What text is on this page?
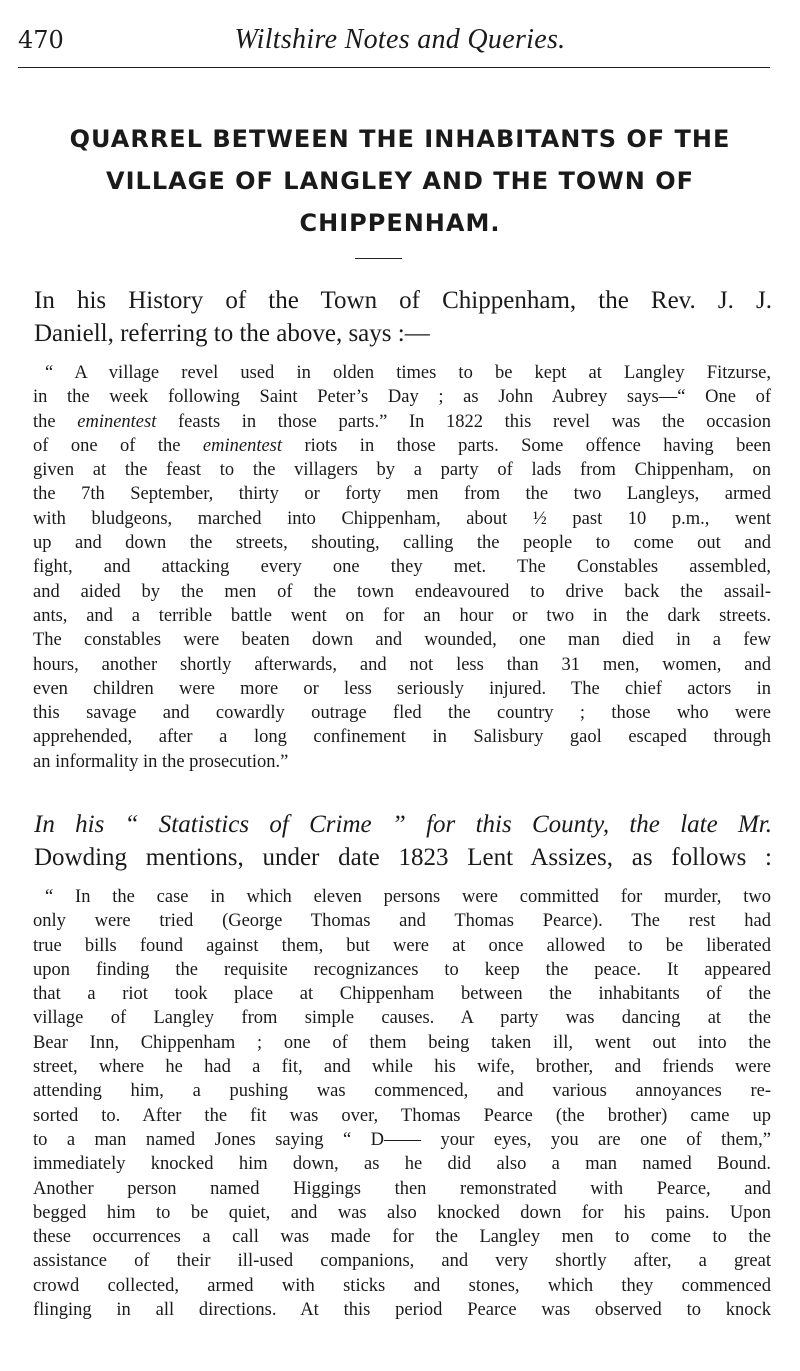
470	Wiltshire Notes and Queries.
QUARREL BETWEEN THE INHABITANTS OF THE
VILLAGE OF LANGLEY AND THE TOWN OF
CHIPPENHAM.
In his History of the Town of Chippenham, the Rev. J. J.
Daniell, referring to the above, says :—
“ A village revel used in olden times to be kept at Langley Fitzurse,
in the week following Saint Peter’s Day ; as John Aubrey says—“ One of
the eminentest feasts in those parts.” In 1822 this revel was the occasion
of one of the eminentest riots in those parts. Some offence having been
given at the feast to the villagers by a party of lads from Chippenham, on
the 7th September, thirty or forty men from the two Langleys, armed
with bludgeons, marched into Chippenham, about ½ past 10 p.m., went
up and down the streets, shouting, calling the people to come out and
fight, and attacking every one they met. The Constables assembled,
and aided by the men of the town endeavoured to drive back the assail-
ants, and a terrible battle went on for an hour or two in the dark streets.
The constables were beaten down and wounded, one man died in a few
hours, another shortly afterwards, and not less than 31 men, women, and
even children were more or less seriously injured. The chief actors in
this savage and cowardly outrage fled the country ; those who were
apprehended, after a long confinement in Salisbury gaol escaped through
an informality in the prosecution.”
In his “ Statistics of Crime ” for this County, the late Mr.
Dowding mentions, under date 1823 Lent Assizes, as follows :
“ In the case in which eleven persons were committed for murder, two
only were tried (George Thomas and Thomas Pearce). The rest had
true bills found against them, but were at once allowed to be liberated
upon finding the requisite recognizances to keep the peace. It appeared
that a riot took place at Chippenham between the inhabitants of the
village of Langley from simple causes. A party was dancing at the
Bear Inn, Chippenham ; one of them being taken ill, went out into the
street, where he had a fit, and while his wife, brother, and friends were
attending him, a pushing was commenced, and various annoyances re-
sorted to. After the fit was over, Thomas Pearce (the brother) came up
to a man named Jones saying “ D—— your eyes, you are one of them,”
immediately knocked him down, as he did also a man named Bound.
Another person named Higgings then remonstrated with Pearce, and
begged him to be quiet, and was also knocked down for his pains. Upon
these occurrences a call was made for the Langley men to come to the
assistance of their ill-used companions, and very shortly after, a great
crowd collected, armed with sticks and stones, which they commenced
flinging in all directions. At this period Pearce was observed to knock
